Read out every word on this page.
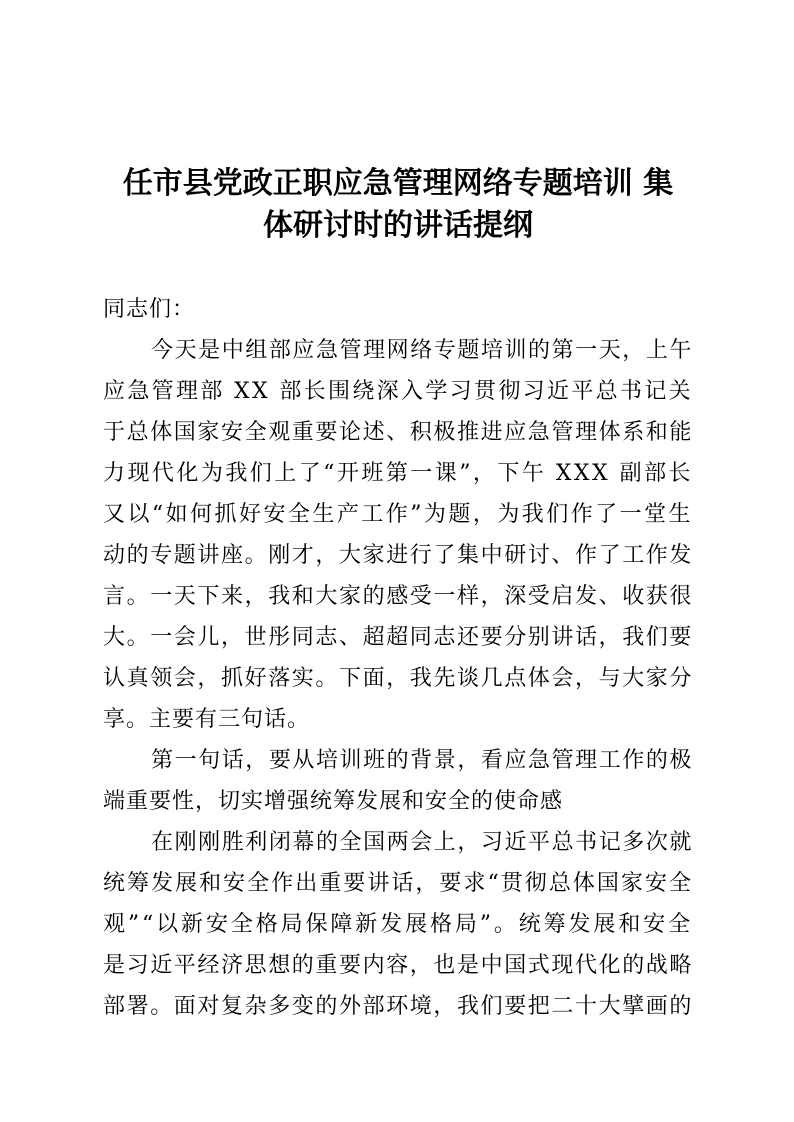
任市县党政正职应急管理网络专题培训 集
体研讨时的讲话提纲
同志们：
今天是中组部应急管理网络专题培训的第一天，上午
应急管理部 XX 部长围绕深入学习贯彻习近平总书记关
于总体国家安全观重要论述、积极推进应急管理体系和能
力现代化为我们上了“开班第一课”，下午 XXX 副部长
又以“如何抓好安全生产工作”为题，为我们作了一堂生
动的专题讲座。刚才，大家进行了集中研讨、作了工作发
言。一天下来，我和大家的感受一样，深受启发、收获很
大。一会儿，世彤同志、超超同志还要分别讲话，我们要
认真领会，抓好落实。下面，我先谈几点体会，与大家分
享。主要有三句话。
第一句话，要从培训班的背景，看应急管理工作的极
端重要性，切实增强统筹发展和安全的使命感
在刚刚胜利闭幕的全国两会上，习近平总书记多次就
统筹发展和安全作出重要讲话，要求“贯彻总体国家安全
观”“以新安全格局保障新发展格局”。统筹发展和安全
是习近平经济思想的重要内容，也是中国式现代化的战略
部署。面对复杂多变的外部环境，我们要把二十大擘画的
